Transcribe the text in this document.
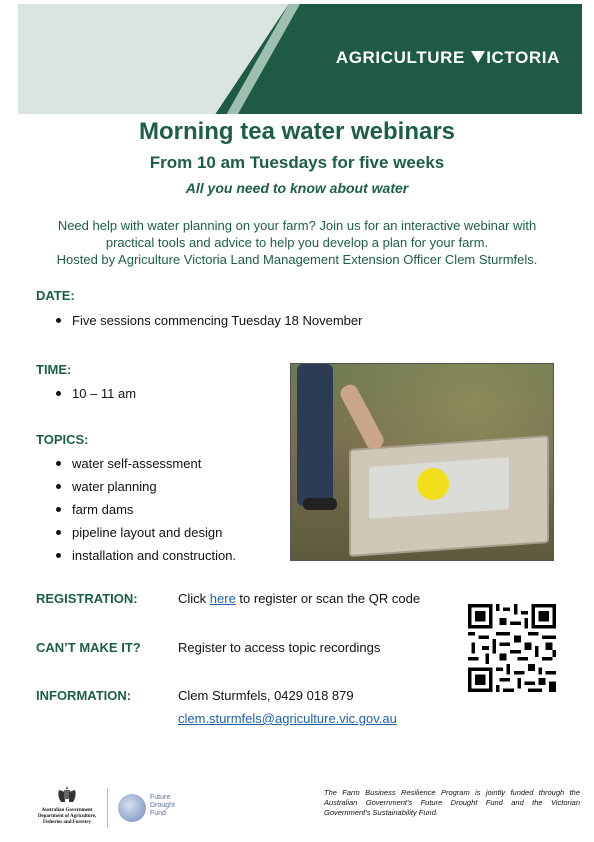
AGRICULTURE ICTORIA
Morning tea water webinars
From 10 am Tuesdays for five weeks
All you need to know about water
Need help with water planning on your farm? Join us for an interactive webinar with
practical tools and advice to help you develop a plan for your farm.
Hosted by Agriculture Victoria Land Management Extension Officer Clem Sturmfels.
DATE:
Five sessions commencing Tuesday 18 November
TIME:
10 – 11 am
TOPICS:
water self-assessment
water planning
farm dams
pipeline layout and design
installation and construction.
REGISTRATION:	Click here to register or scan the QR code
CAN’T MAKE IT?	Register to access topic recordings
INFORMATION:	Clem Sturmfels, 0429 018 879
clem.sturmfels@agriculture.vic.gov.au
Australian Government
Department of Agriculture,
Fisheries and Forestry
Future
Drought
Fund
The Farm Business Resilience Program is jointly funded through the Australian Government's Future Drought Fund and the Victorian Government's Sustainability Fund.
